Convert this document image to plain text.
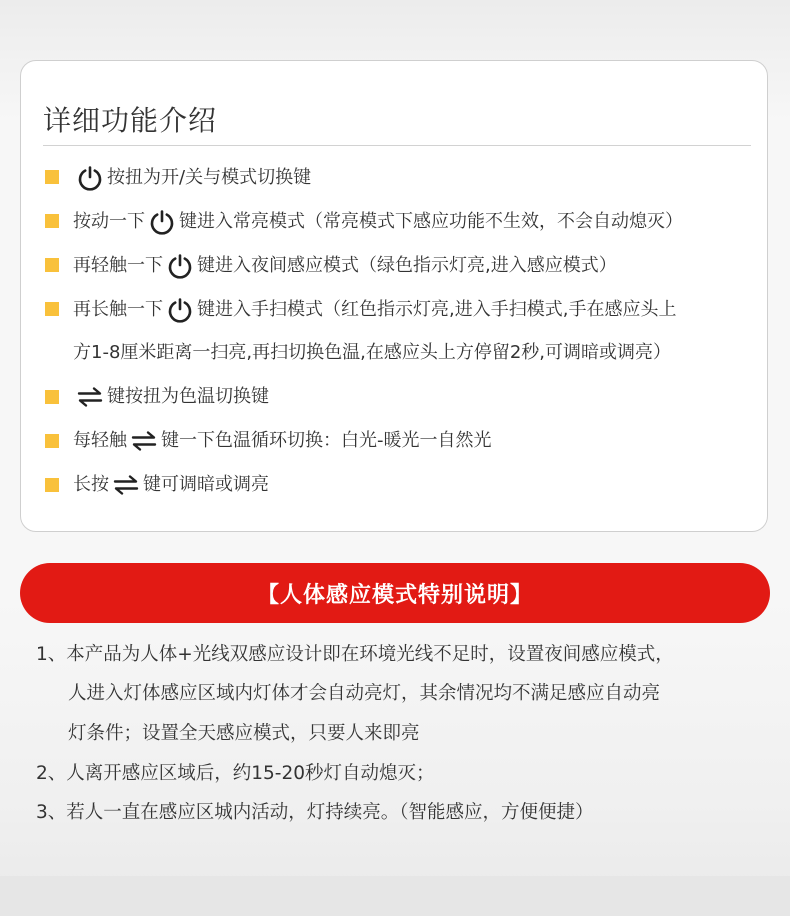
详细功能介绍
按扭为开/关与模式切换键
按动一下 键进入常亮模式（常亮模式下感应功能不生效，不会自动熄灭）
再轻触一下 键进入夜间感应模式（绿色指示灯亮,进入感应模式）
再长触一下 键进入手扫模式（红色指示灯亮,进入手扫模式,手在感应头上
方1-8厘米距离一扫亮,再扫切换色温,在感应头上方停留2秒,可调暗或调亮）
键按扭为色温切换键
每轻触 键一下色温循环切换：白光-暖光一自然光
长按 键可调暗或调亮
【人体感应模式特别说明】
1、本产品为人体+光线双感应设计即在环境光线不足时，设置夜间感应模式，
人进入灯体感应区域内灯体才会自动亮灯，其余情况均不满足感应自动亮
灯条件；设置全天感应模式，只要人来即亮
2、人离开感应区域后，约15-20秒灯自动熄灭；
3、若人一直在感应区城内活动，灯持续亮。（智能感应，方便便捷）
